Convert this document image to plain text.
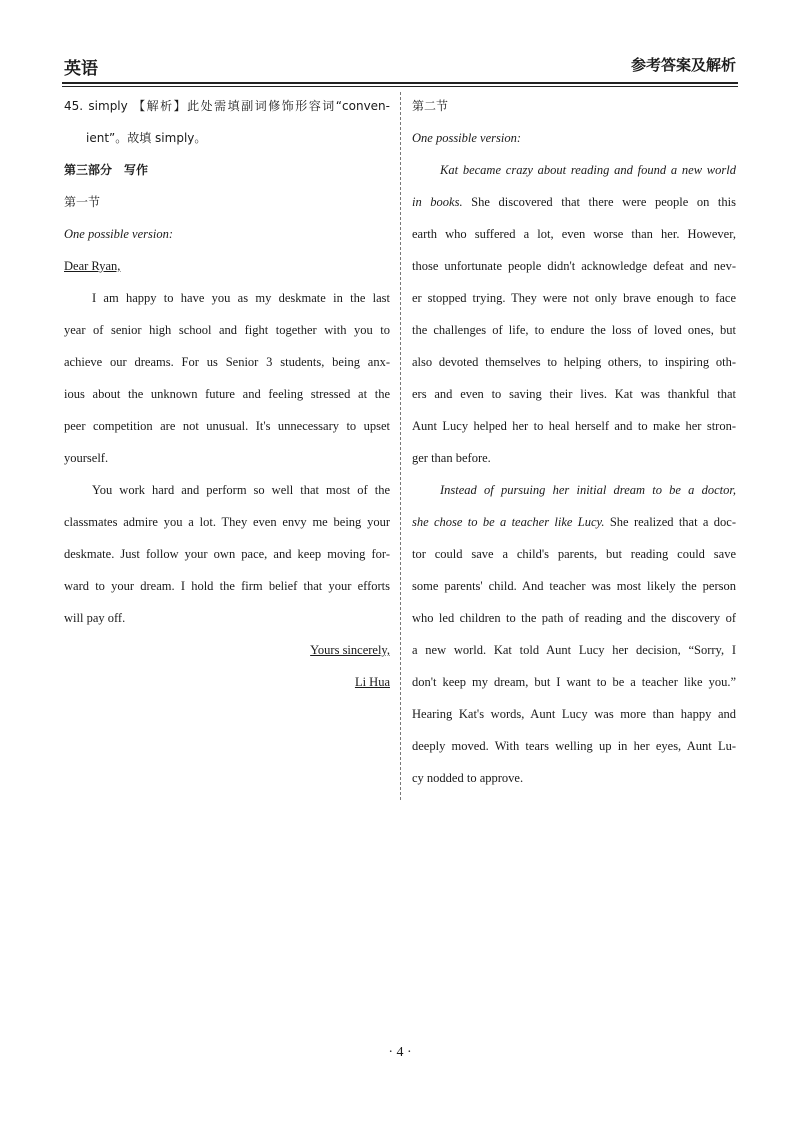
英语	参考答案及解析
45. simply 【解析】此处需填副词修饰形容词“conven-
ient”。故填 simply。
第三部分　写作
第一节
One possible version:
Dear Ryan,
I am happy to have you as my deskmate in the last
year of senior high school and fight together with you to
achieve our dreams. For us Senior 3 students, being anx-
ious about the unknown future and feeling stressed at the
peer competition are not unusual. It's unnecessary to upset
yourself.
You work hard and perform so well that most of the
classmates admire you a lot. They even envy me being your
deskmate. Just follow your own pace, and keep moving for-
ward to your dream. I hold the firm belief that your efforts
will pay off.
Yours sincerely,
Li Hua
第二节
One possible version:
Kat became crazy about reading and found a new world
in books. She discovered that there were people on this
earth who suffered a lot, even worse than her. However,
those unfortunate people didn't acknowledge defeat and nev-
er stopped trying. They were not only brave enough to face
the challenges of life, to endure the loss of loved ones, but
also devoted themselves to helping others, to inspiring oth-
ers and even to saving their lives. Kat was thankful that
Aunt Lucy helped her to heal herself and to make her stron-
ger than before.
Instead of pursuing her initial dream to be a doctor,
she chose to be a teacher like Lucy. She realized that a doc-
tor could save a child's parents, but reading could save
some parents' child. And teacher was most likely the person
who led children to the path of reading and the discovery of
a new world. Kat told Aunt Lucy her decision, “Sorry, I
don't keep my dream, but I want to be a teacher like you.”
Hearing Kat's words, Aunt Lucy was more than happy and
deeply moved. With tears welling up in her eyes, Aunt Lu-
cy nodded to approve.
· 4 ·
